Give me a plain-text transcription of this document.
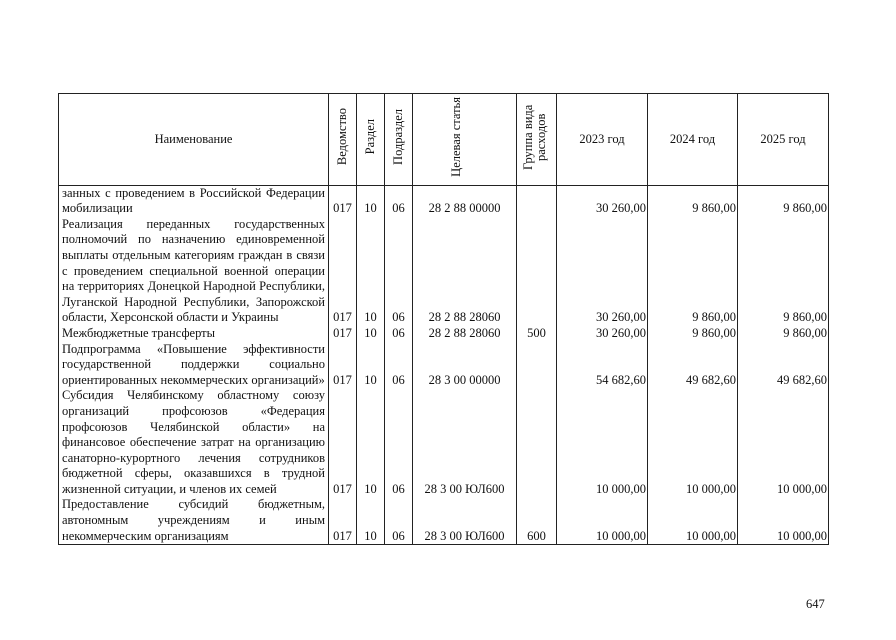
Наименование	Ведомство	Раздел	Подраздел	Целевая статья	Группа вида расходов	2023 год	2024 год	2025 год
занных с проведением в Российской Федерации мобилизации	017	10	06	28 2 88 00000		30 260,00	9 860,00	9 860,00
Реализация переданных государственных полномочий по назначению единовременной выплаты отдельным категориям граждан в связи с проведением специальной военной операции на территориях Донецкой Народной Республики, Луганской Народной Республики, Запорожской области, Херсонской области и Украины	017	10	06	28 2 88 28060		30 260,00	9 860,00	9 860,00
Межбюджетные трансферты	017	10	06	28 2 88 28060	500	30 260,00	9 860,00	9 860,00
Подпрограмма «Повышение эффективности государственной поддержки социально ориентированных некоммерческих организаций»	017	10	06	28 3 00 00000		54 682,60	49 682,60	49 682,60
Субсидия Челябинскому областному союзу организаций профсоюзов «Федерация профсоюзов Челябинской области» на финансовое обеспечение затрат на организацию санаторно-курортного лечения сотрудников бюджетной сферы, оказавшихся в трудной жизненной ситуации, и членов их семей	017	10	06	28 3 00 ЮЛ600		10 000,00	10 000,00	10 000,00
Предоставление субсидий бюджетным, автономным учреждениям и иным некоммерческим организациям	017	10	06	28 3 00 ЮЛ600	600	10 000,00	10 000,00	10 000,00
647
